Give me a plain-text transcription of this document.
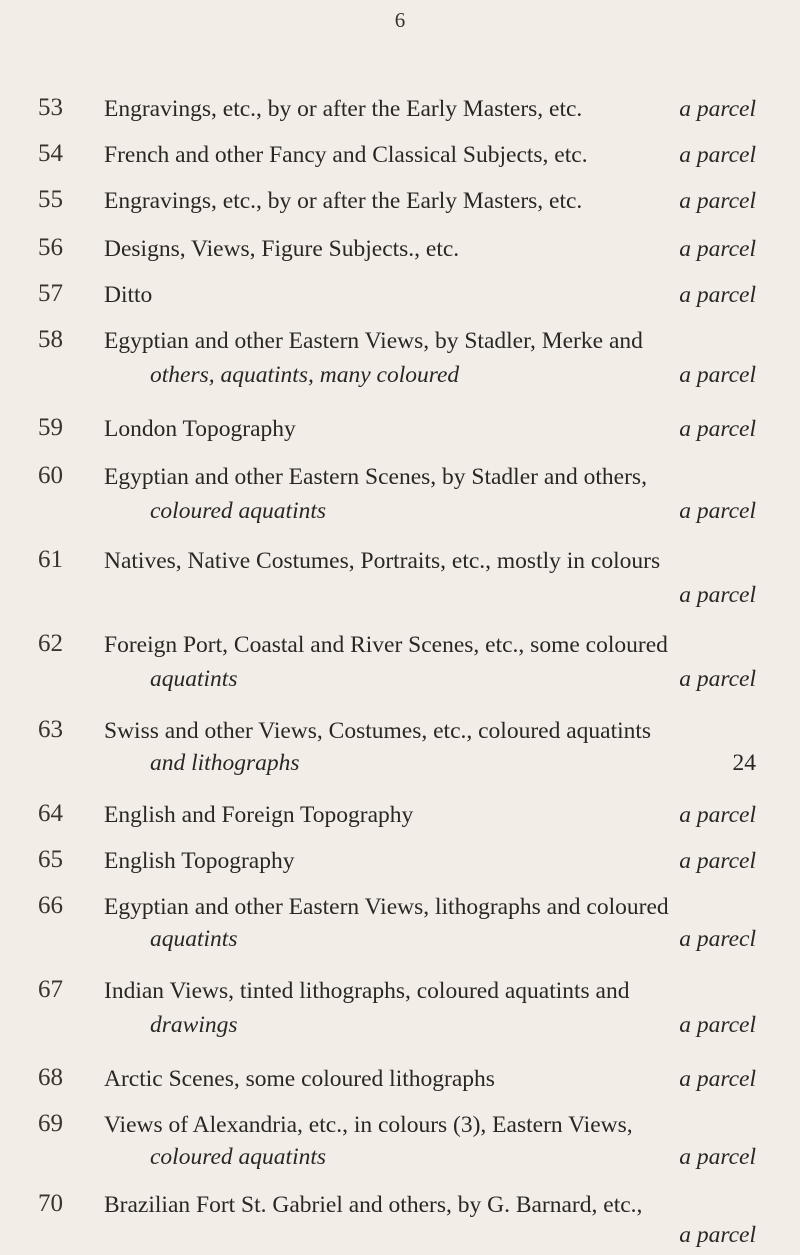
6
53	Engravings, etc., by or after the Early Masters, etc.	a parcel
54	French and other Fancy and Classical Subjects, etc.	a parcel
55	Engravings, etc., by or after the Early Masters, etc.	a parcel
56	Designs, Views, Figure Subjects., etc.	a parcel
57	Ditto	a parcel
58	Egyptian and other Eastern Views, by Stadler, Merke and
others, aquatints, many coloured	a parcel
59	London Topography	a parcel
60	Egyptian and other Eastern Scenes, by Stadler and others,
coloured aquatints	a parcel
61	Natives, Native Costumes, Portraits, etc., mostly in colours
a parcel
62	Foreign Port, Coastal and River Scenes, etc., some coloured
aquatints	a parcel
63	Swiss and other Views, Costumes, etc., coloured aquatints
and lithographs	24
64	English and Foreign Topography	a parcel
65	English Topography	a parcel
66	Egyptian and other Eastern Views, lithographs and coloured
aquatints	a parecl
67	Indian Views, tinted lithographs, coloured aquatints and
drawings	a parcel
68	Arctic Scenes, some coloured lithographs	a parcel
69	Views of Alexandria, etc., in colours (3), Eastern Views,
coloured aquatints	a parcel
70	Brazilian Fort St. Gabriel and others, by G. Barnard, etc.,
a parcel
